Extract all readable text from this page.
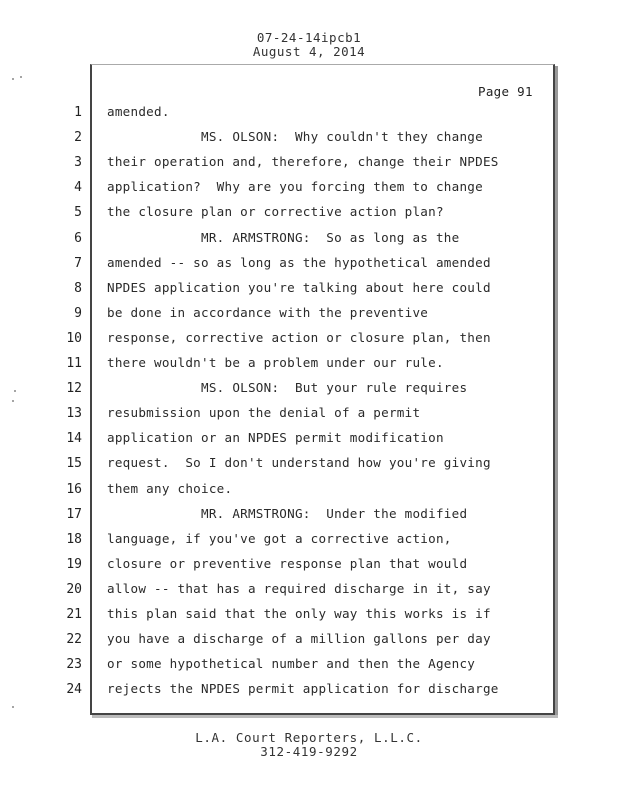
07-24-14ipcb1
August 4, 2014
Page 91
1 amended.
2 MS. OLSON:  Why couldn't they change
3 their operation and, therefore, change their NPDES
4 application?  Why are you forcing them to change
5 the closure plan or corrective action plan?
6 MR. ARMSTRONG:  So as long as the
7 amended -- so as long as the hypothetical amended
8 NPDES application you're talking about here could
9 be done in accordance with the preventive
10 response, corrective action or closure plan, then
11 there wouldn't be a problem under our rule.
12 MS. OLSON:  But your rule requires
13 resubmission upon the denial of a permit
14 application or an NPDES permit modification
15 request.  So I don't understand how you're giving
16 them any choice.
17 MR. ARMSTRONG:  Under the modified
18 language, if you've got a corrective action,
19 closure or preventive response plan that would
20 allow -- that has a required discharge in it, say
21 this plan said that the only way this works is if
22 you have a discharge of a million gallons per day
23 or some hypothetical number and then the Agency
24 rejects the NPDES permit application for discharge
L.A. Court Reporters, L.L.C.
312-419-9292
